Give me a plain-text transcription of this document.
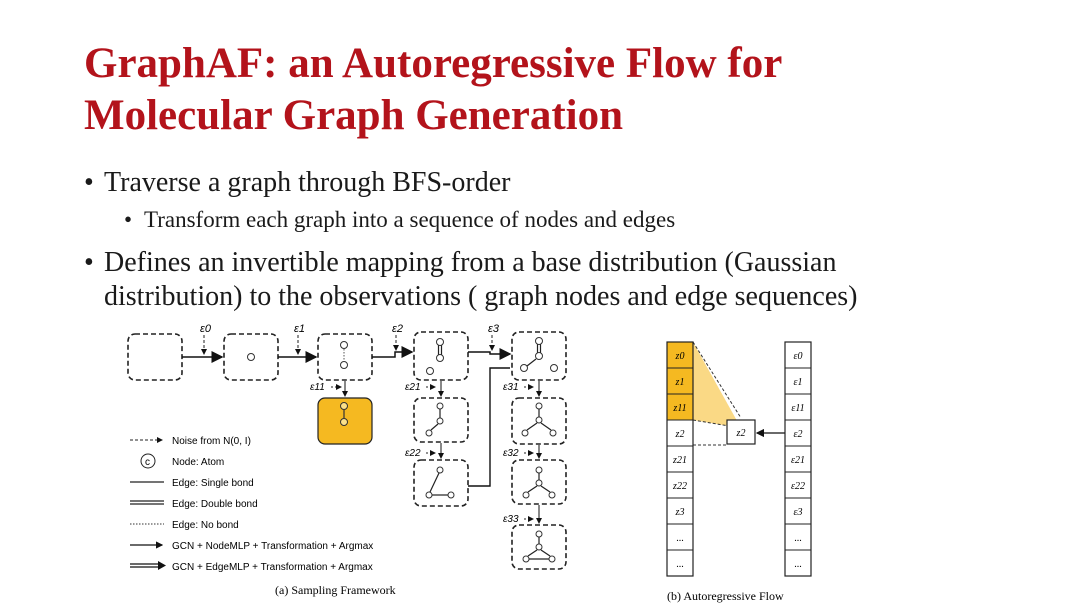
GraphAF: an Autoregressive Flow for
Molecular Graph Generation
• Traverse a graph through BFS-order
• Transform each graph into a sequence of nodes and edges
• Defines an invertible mapping from a base distribution (Gaussian
distribution) to the observations ( graph nodes and edge sequences)
ε0	ε1	ε2	ε3
ε11	ε21
ε22
ε31
ε32
ε33
Noise from N(0, I)
c Node: Atom
Edge: Single bond
Edge: Double bond
Edge: No bond
GCN + NodeMLP + Transformation + Argmax
GCN + EdgeMLP + Transformation + Argmax
(a) Sampling Framework
z0
z1
z11
z2
z21
z22
z3
...
...
z2
ε0
ε1
ε11
ε2
ε21
ε22
ε3
...
...
(b) Autoregressive Flow
